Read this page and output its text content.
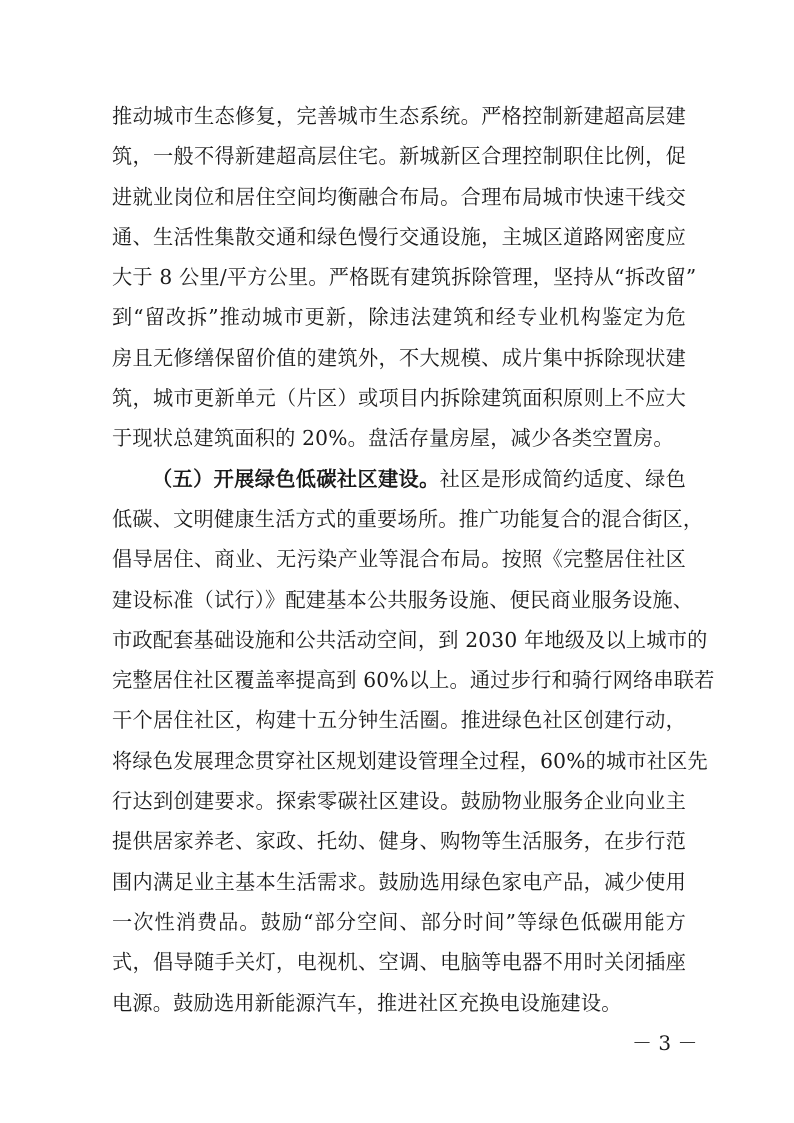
推动城市生态修复，完善城市生态系统。严格控制新建超高层建
筑，一般不得新建超高层住宅。新城新区合理控制职住比例，促
进就业岗位和居住空间均衡融合布局。合理布局城市快速干线交
通、生活性集散交通和绿色慢行交通设施，主城区道路网密度应
大于 8 公里/平方公里。严格既有建筑拆除管理，坚持从“拆改留”
到“留改拆”推动城市更新，除违法建筑和经专业机构鉴定为危
房且无修缮保留价值的建筑外，不大规模、成片集中拆除现状建
筑，城市更新单元（片区）或项目内拆除建筑面积原则上不应大
于现状总建筑面积的 20%。盘活存量房屋，减少各类空置房。
（五）开展绿色低碳社区建设。社区是形成简约适度、绿色
低碳、文明健康生活方式的重要场所。推广功能复合的混合街区，
倡导居住、商业、无污染产业等混合布局。按照《完整居住社区
建设标准（试行）》配建基本公共服务设施、便民商业服务设施、
市政配套基础设施和公共活动空间，到 2030 年地级及以上城市的
完整居住社区覆盖率提高到 60%以上。通过步行和骑行网络串联若
干个居住社区，构建十五分钟生活圈。推进绿色社区创建行动，
将绿色发展理念贯穿社区规划建设管理全过程，60%的城市社区先
行达到创建要求。探索零碳社区建设。鼓励物业服务企业向业主
提供居家养老、家政、托幼、健身、购物等生活服务，在步行范
围内满足业主基本生活需求。鼓励选用绿色家电产品，减少使用
一次性消费品。鼓励“部分空间、部分时间”等绿色低碳用能方
式，倡导随手关灯，电视机、空调、电脑等电器不用时关闭插座
电源。鼓励选用新能源汽车，推进社区充换电设施建设。
－ 3 －
